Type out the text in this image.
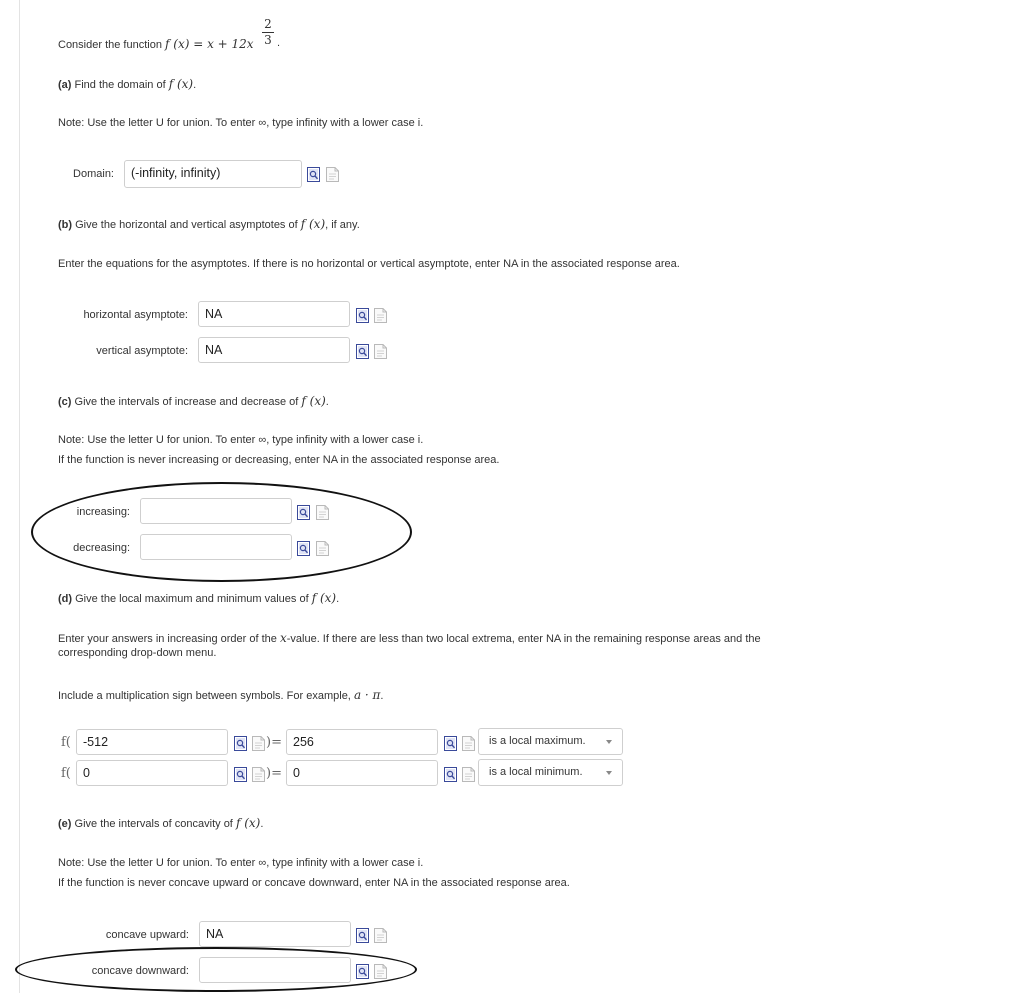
Consider the function f (x) = x + 12x
2
3 .
(a) Find the domain of f (x).
Note: Use the letter U for union. To enter ∞, type infinity with a lower case i.
Domain:	(-infinity, infinity)
(b) Give the horizontal and vertical asymptotes of f (x), if any.
Enter the equations for the asymptotes. If there is no horizontal or vertical asymptote, enter NA in the associated response area.
horizontal asymptote:	NA
vertical asymptote:	NA
(c) Give the intervals of increase and decrease of f (x).
Note: Use the letter U for union. To enter ∞, type infinity with a lower case i.
If the function is never increasing or decreasing, enter NA in the associated response area.
increasing:
decreasing:
(d) Give the local maximum and minimum values of f (x).
Enter your answers in increasing order of the x-value. If there are less than two local extrema, enter NA in the remaining response areas and the
corresponding drop-down menu.
Include a multiplication sign between symbols. For example, a · π.
f( -512	)= 256	is a local maximum.
f( 0	)= 0	is a local minimum.
(e) Give the intervals of concavity of f (x).
Note: Use the letter U for union. To enter ∞, type infinity with a lower case i.
If the function is never concave upward or concave downward, enter NA in the associated response area.
concave upward:	NA
concave downward:
